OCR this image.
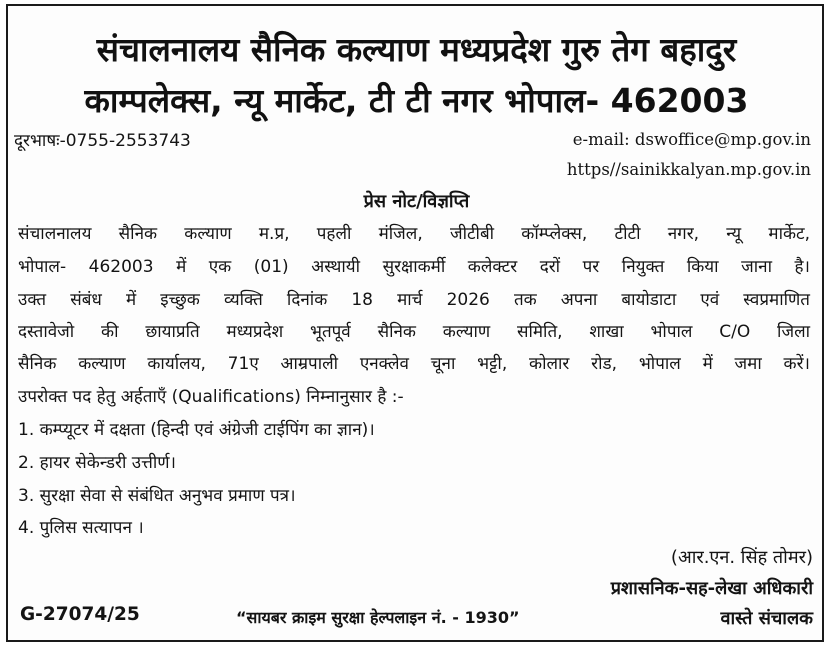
संचालनालय सैनिक कल्याण मध्यप्रदेश गुरु तेग बहादुर
काम्पलेक्स, न्यू मार्केट, टी टी नगर भोपाल- 462003
दूरभाषः-0755-2553743	e-mail: dswoffice@mp.gov.in
https//sainikkalyan.mp.gov.in
प्रेस नोट/विज्ञप्ति
संचालनालय सैनिक कल्याण म.प्र, पहली मंजिल, जीटीबी कॉम्प्लेक्स, टीटी नगर, न्यू मार्केट,
भोपाल- 462003 में एक (01) अस्थायी सुरक्षाकर्मी कलेक्टर दरों पर नियुक्त किया जाना है।
उक्त संबंध में इच्छुक व्यक्ति दिनांक 18 मार्च 2026 तक अपना बायोडाटा एवं स्वप्रमाणित
दस्तावेजो की छायाप्रति मध्यप्रदेश भूतपूर्व सैनिक कल्याण समिति, शाखा भोपाल C/O जिला
सैनिक कल्याण कार्यालय, 71ए आम्रपाली एनक्लेव चूना भट्टी, कोलार रोड, भोपाल में जमा करें।
उपरोक्त पद हेतु अर्हताएँ (Qualifications) निम्नानुसार है :-
1. कम्प्यूटर में दक्षता (हिन्दी एवं अंग्रेजी टाईपिंग का ज्ञान)।
2. हायर सेकेन्डरी उत्तीर्ण।
3. सुरक्षा सेवा से संबंधित अनुभव प्रमाण पत्र।
4. पुलिस सत्यापन ।
(आर.एन. सिंह तोमर)
प्रशासनिक-सह-लेखा अधिकारी
वास्ते संचालक
G-27074/25	“सायबर क्राइम सुरक्षा हेल्पलाइन नं. - 1930”
